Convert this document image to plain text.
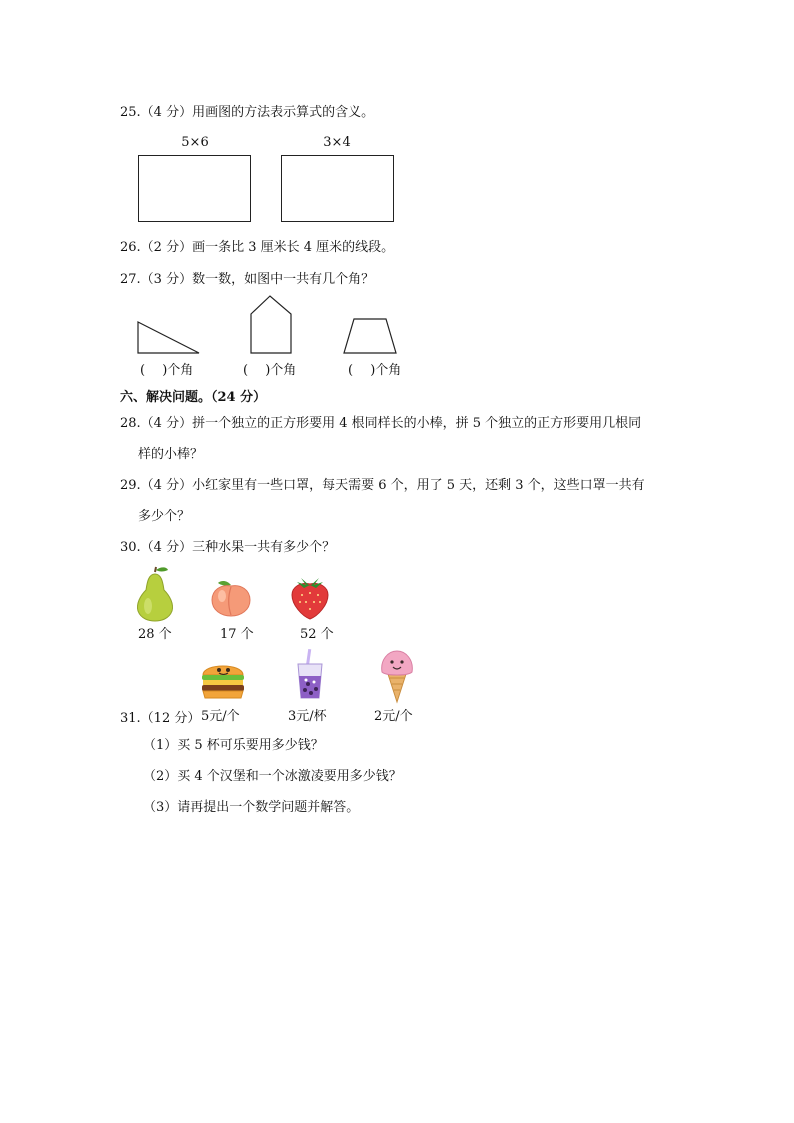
25.（4 分）用画图的方法表示算式的含义。
5×6	3×4
26.（2 分）画一条比 3 厘米长 4 厘米的线段。
27.（3 分）数一数，如图中一共有几个角？
(　 )个角	(　 )个角	(　 )个角
六、解决问题。（24 分）
28.（4 分）拼一个独立的正方形要用 4 根同样长的小棒，拼 5 个独立的正方形要用几根同
样的小棒？
29.（4 分）小红家里有一些口罩，每天需要 6 个，用了 5 天，还剩 3 个，这些口罩一共有
多少个？
30.（4 分）三种水果一共有多少个？
28 个	17 个	52 个
5元/个	3元/杯	2元/个
31.（12 分）
（1）买 5 杯可乐要用多少钱？
（2）买 4 个汉堡和一个冰激凌要用多少钱？
（3）请再提出一个数学问题并解答。
